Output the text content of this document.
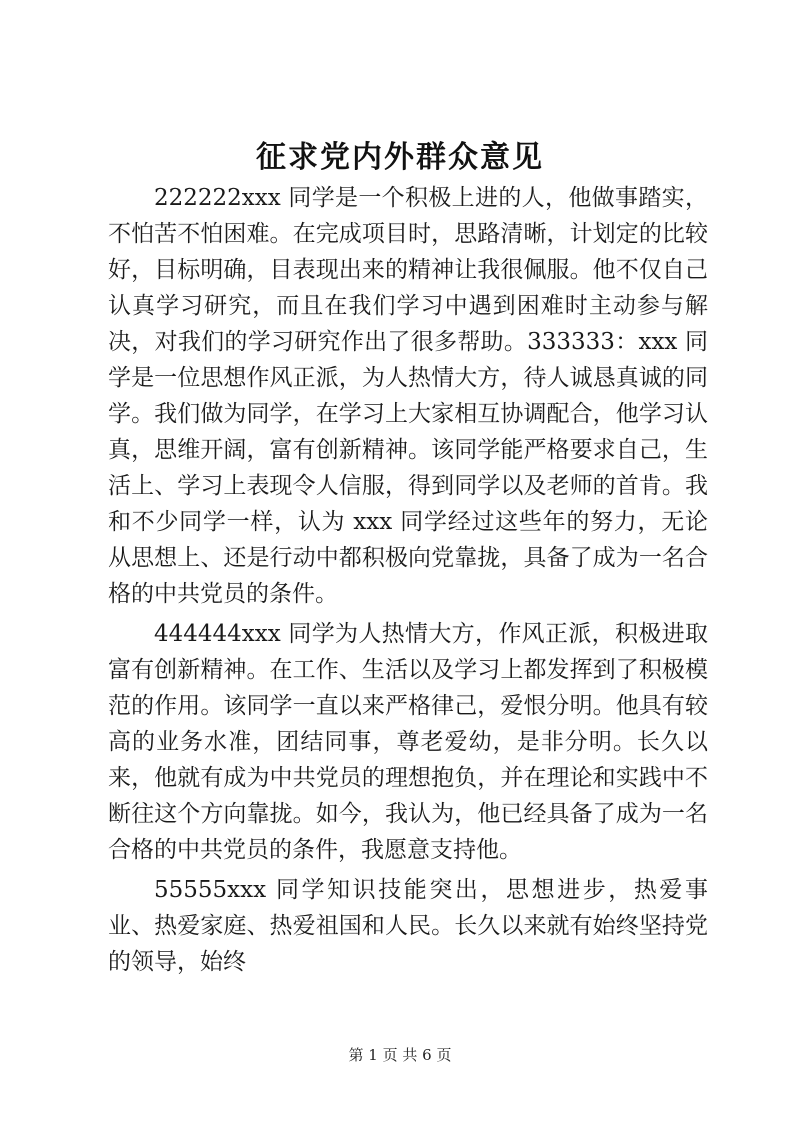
征求党内外群众意见

222222xxx 同学是一个积极上进的人，他做事踏实，不怕苦不怕困难。在完成项目时，思路清晰，计划定的比较好，目标明确，目表现出来的精神让我很佩服。他不仅自己认真学习研究，而且在我们学习中遇到困难时主动参与解决，对我们的学习研究作出了很多帮助。333333：xxx 同学是一位思想作风正派，为人热情大方，待人诚恳真诚的同学。我们做为同学，在学习上大家相互协调配合，他学习认真，思维开阔，富有创新精神。该同学能严格要求自己，生活上、学习上表现令人信服，得到同学以及老师的首肯。我和不少同学一样，认为 xxx 同学经过这些年的努力，无论从思想上、还是行动中都积极向党靠拢，具备了成为一名合格的中共党员的条件。

444444xxx 同学为人热情大方，作风正派，积极进取富有创新精神。在工作、生活以及学习上都发挥到了积极模范的作用。该同学一直以来严格律己，爱恨分明。他具有较高的业务水准，团结同事，尊老爱幼，是非分明。长久以来，他就有成为中共党员的理想抱负，并在理论和实践中不断往这个方向靠拢。如今，我认为，他已经具备了成为一名合格的中共党员的条件，我愿意支持他。

55555xxx 同学知识技能突出，思想进步，热爱事业、热爱家庭、热爱祖国和人民。长久以来就有始终坚持党的领导，始终

第 1 页 共 6 页
